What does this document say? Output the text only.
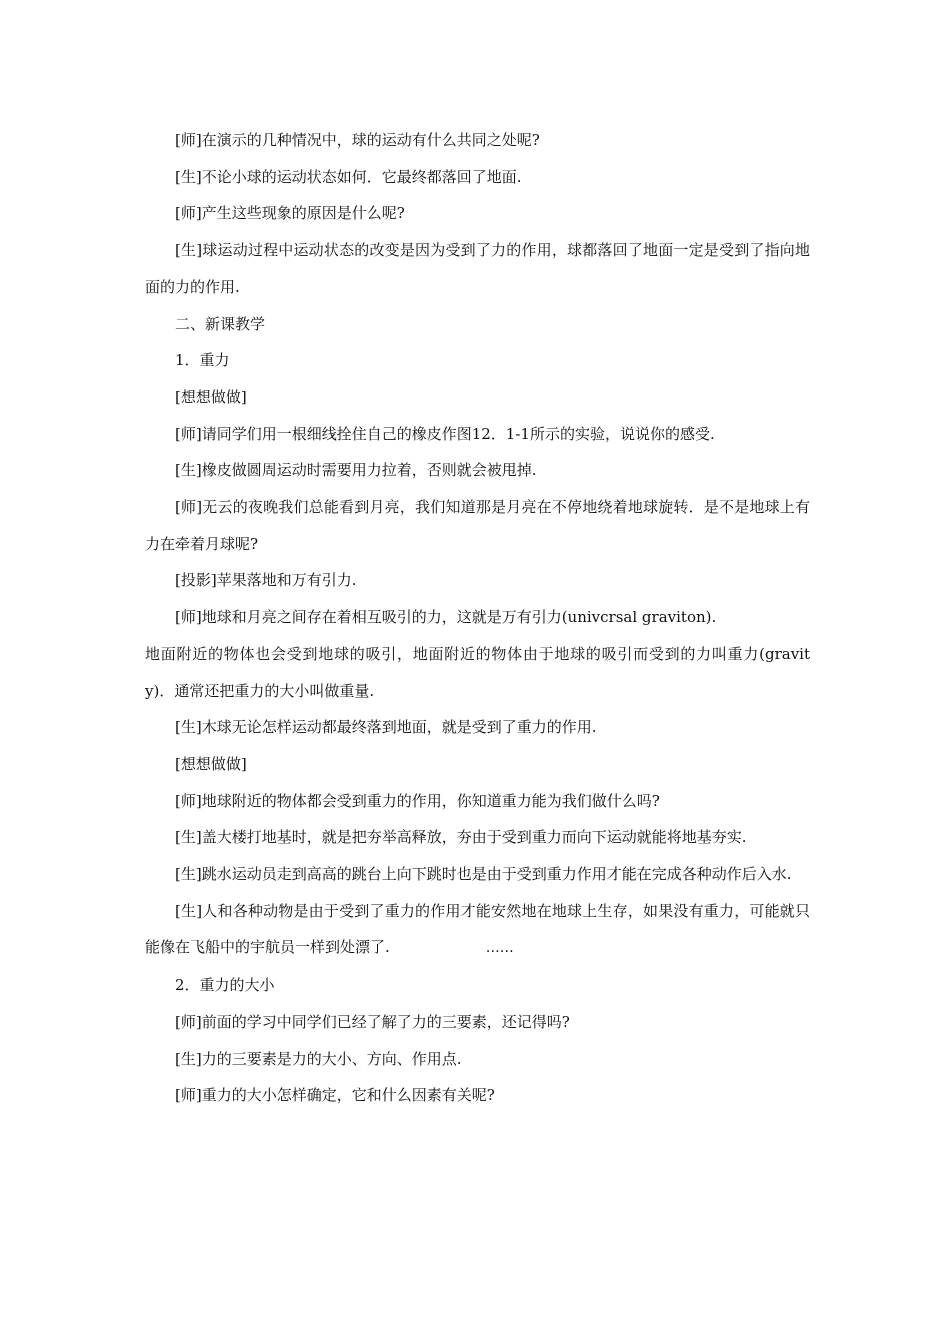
[师]在演示的几种情况中，球的运动有什么共同之处呢?

[生]不论小球的运动状态如何．它最终都落回了地面.

[师]产生这些现象的原因是什么呢?

[生]球运动过程中运动状态的改变是因为受到了力的作用，球都落回了地面一定是受到了指向地面的力的作用.

二、新课教学

1．重力

[想想做做]

[师]请同学们用一根细线拴住自己的橡皮作图12．1-1所示的实验，说说你的感受.

[生]橡皮做圆周运动时需要用力拉着，否则就会被甩掉.

[师]无云的夜晚我们总能看到月亮，我们知道那是月亮在不停地绕着地球旋转．是不是地球上有力在牵着月球呢?

[投影]苹果落地和万有引力.

[师]地球和月亮之间存在着相互吸引的力，这就是万有引力(univcrsal graviton).

地面附近的物体也会受到地球的吸引，地面附近的物体由于地球的吸引而受到的力叫重力(gravity)．通常还把重力的大小叫做重量.

[生]木球无论怎样运动都最终落到地面，就是受到了重力的作用.

[想想做做]

[师]地球附近的物体都会受到重力的作用，你知道重力能为我们做什么吗?

[生]盖大楼打地基时，就是把夯举高释放，夯由于受到重力而向下运动就能将地基夯实.

[生]跳水运动员走到高高的跳台上向下跳时也是由于受到重力作用才能在完成各种动作后入水.

[生]人和各种动物是由于受到了重力的作用才能安然地在地球上生存，如果没有重力，可能就只能像在飞船中的宇航员一样到处漂了.	……

2．重力的大小

[师]前面的学习中同学们已经了解了力的三要素，还记得吗?

[生]力的三要素是力的大小、方向、作用点.

[师]重力的大小怎样确定，它和什么因素有关呢?
